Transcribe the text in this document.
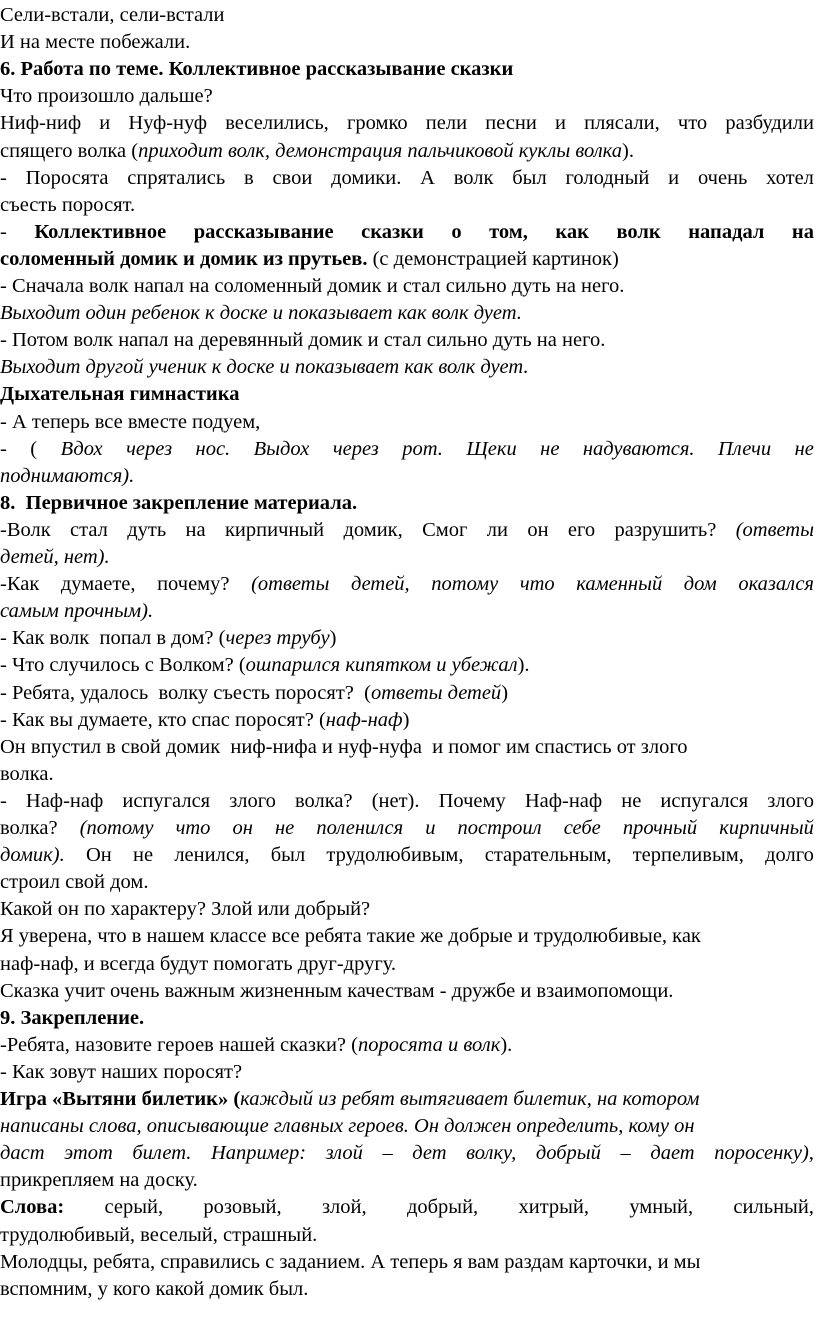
Сели-встали, сели-встали
И на месте побежали.
6. Работа по теме. Коллективное рассказывание сказки
Что произошло дальше?
Ниф-ниф и Нуф-нуф веселились, громко пели песни и плясали, что разбудили
спящего волка (приходит волк, демонстрация пальчиковой куклы волка).
- Поросята спрятались в свои домики. А волк был голодный и очень хотел
съесть поросят.
- Коллективное рассказывание сказки о том, как волк нападал на
соломенный домик и домик из прутьев. (с демонстрацией картинок)
- Сначала волк напал на соломенный домик и стал сильно дуть на него.
Выходит один ребенок к доске и показывает как волк дует.
- Потом волк напал на деревянный домик и стал сильно дуть на него.
Выходит другой ученик к доске и показывает как волк дует.
Дыхательная гимнастика
- А теперь все вместе подуем,
- ( Вдох через нос. Выдох через рот. Щеки не надуваются. Плечи не
поднимаются).
8.  Первичное закрепление материала.
-Волк стал дуть на кирпичный домик, Смог ли он его разрушить? (ответы
детей, нет).
-Как думаете, почему? (ответы детей, потому что каменный дом оказался
самым прочным).
- Как волк  попал в дом? (через трубу)
- Что случилось с Волком? (ошпарился кипятком и убежал).
- Ребята, удалось  волку съесть поросят?  (ответы детей)
- Как вы думаете, кто спас поросят? (наф-наф)
Он впустил в свой домик  ниф-нифа и нуф-нуфа  и помог им спастись от злого
волка.
- Наф-наф испугался злого волка? (нет). Почему Наф-наф не испугался злого
волка? (потому что он не поленился и построил себе прочный кирпичный
домик). Он не ленился, был трудолюбивым, старательным, терпеливым, долго
строил свой дом.
Какой он по характеру? Злой или добрый?
Я уверена, что в нашем классе все ребята такие же добрые и трудолюбивые, как
наф-наф, и всегда будут помогать друг-другу.
Сказка учит очень важным жизненным качествам - дружбе и взаимопомощи.
9. Закрепление.
-Ребята, назовите героев нашей сказки? (поросята и волк).
- Как зовут наших поросят?
Игра «Вытяни билетик» (каждый из ребят вытягивает билетик, на котором
написаны слова, описывающие главных героев. Он должен определить, кому он
даст этот билет. Например: злой – дет волку, добрый – дает поросенку),
прикрепляем на доску.
Слова: серый, розовый, злой, добрый, хитрый, умный, сильный,
трудолюбивый, веселый, страшный.
Молодцы, ребята, справились с заданием. А теперь я вам раздам карточки, и мы
вспомним, у кого какой домик был.
